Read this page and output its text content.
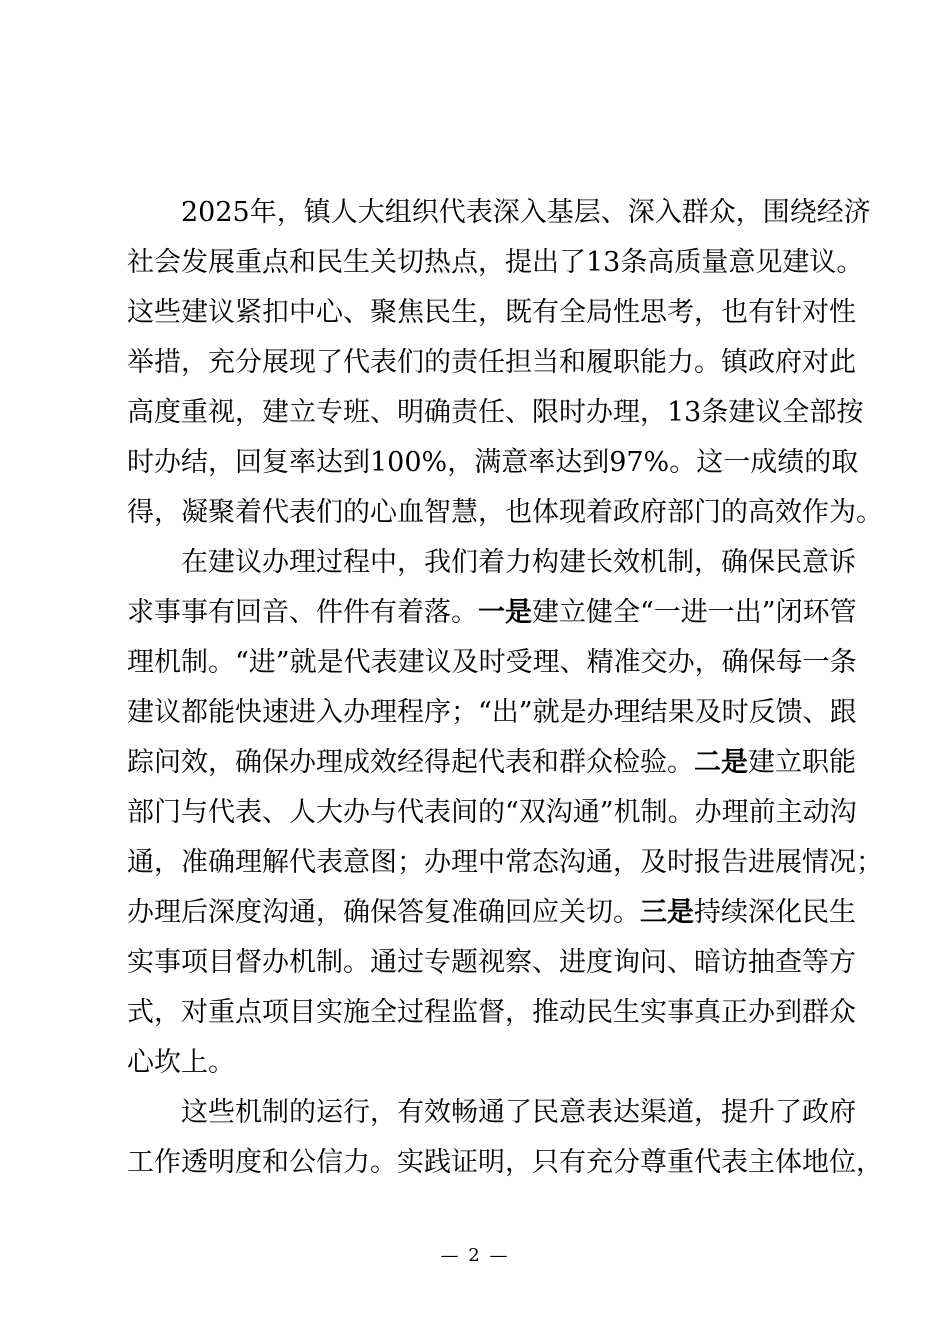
2025年，镇人大组织代表深入基层、深入群众，围绕经济
社会发展重点和民生关切热点，提出了13条高质量意见建议。
这些建议紧扣中心、聚焦民生，既有全局性思考，也有针对性
举措，充分展现了代表们的责任担当和履职能力。镇政府对此
高度重视，建立专班、明确责任、限时办理，13条建议全部按
时办结，回复率达到100%，满意率达到97%。这一成绩的取
得，凝聚着代表们的心血智慧，也体现着政府部门的高效作为。
在建议办理过程中，我们着力构建长效机制，确保民意诉
求事事有回音、件件有着落。一是建立健全“一进一出”闭环管
理机制。“进”就是代表建议及时受理、精准交办，确保每一条
建议都能快速进入办理程序；“出”就是办理结果及时反馈、跟
踪问效，确保办理成效经得起代表和群众检验。二是建立职能
部门与代表、人大办与代表间的“双沟通”机制。办理前主动沟
通，准确理解代表意图；办理中常态沟通，及时报告进展情况；
办理后深度沟通，确保答复准确回应关切。三是持续深化民生
实事项目督办机制。通过专题视察、进度询问、暗访抽查等方
式，对重点项目实施全过程监督，推动民生实事真正办到群众
心坎上。
这些机制的运行，有效畅通了民意表达渠道，提升了政府
工作透明度和公信力。实践证明，只有充分尊重代表主体地位，
— 2 —
